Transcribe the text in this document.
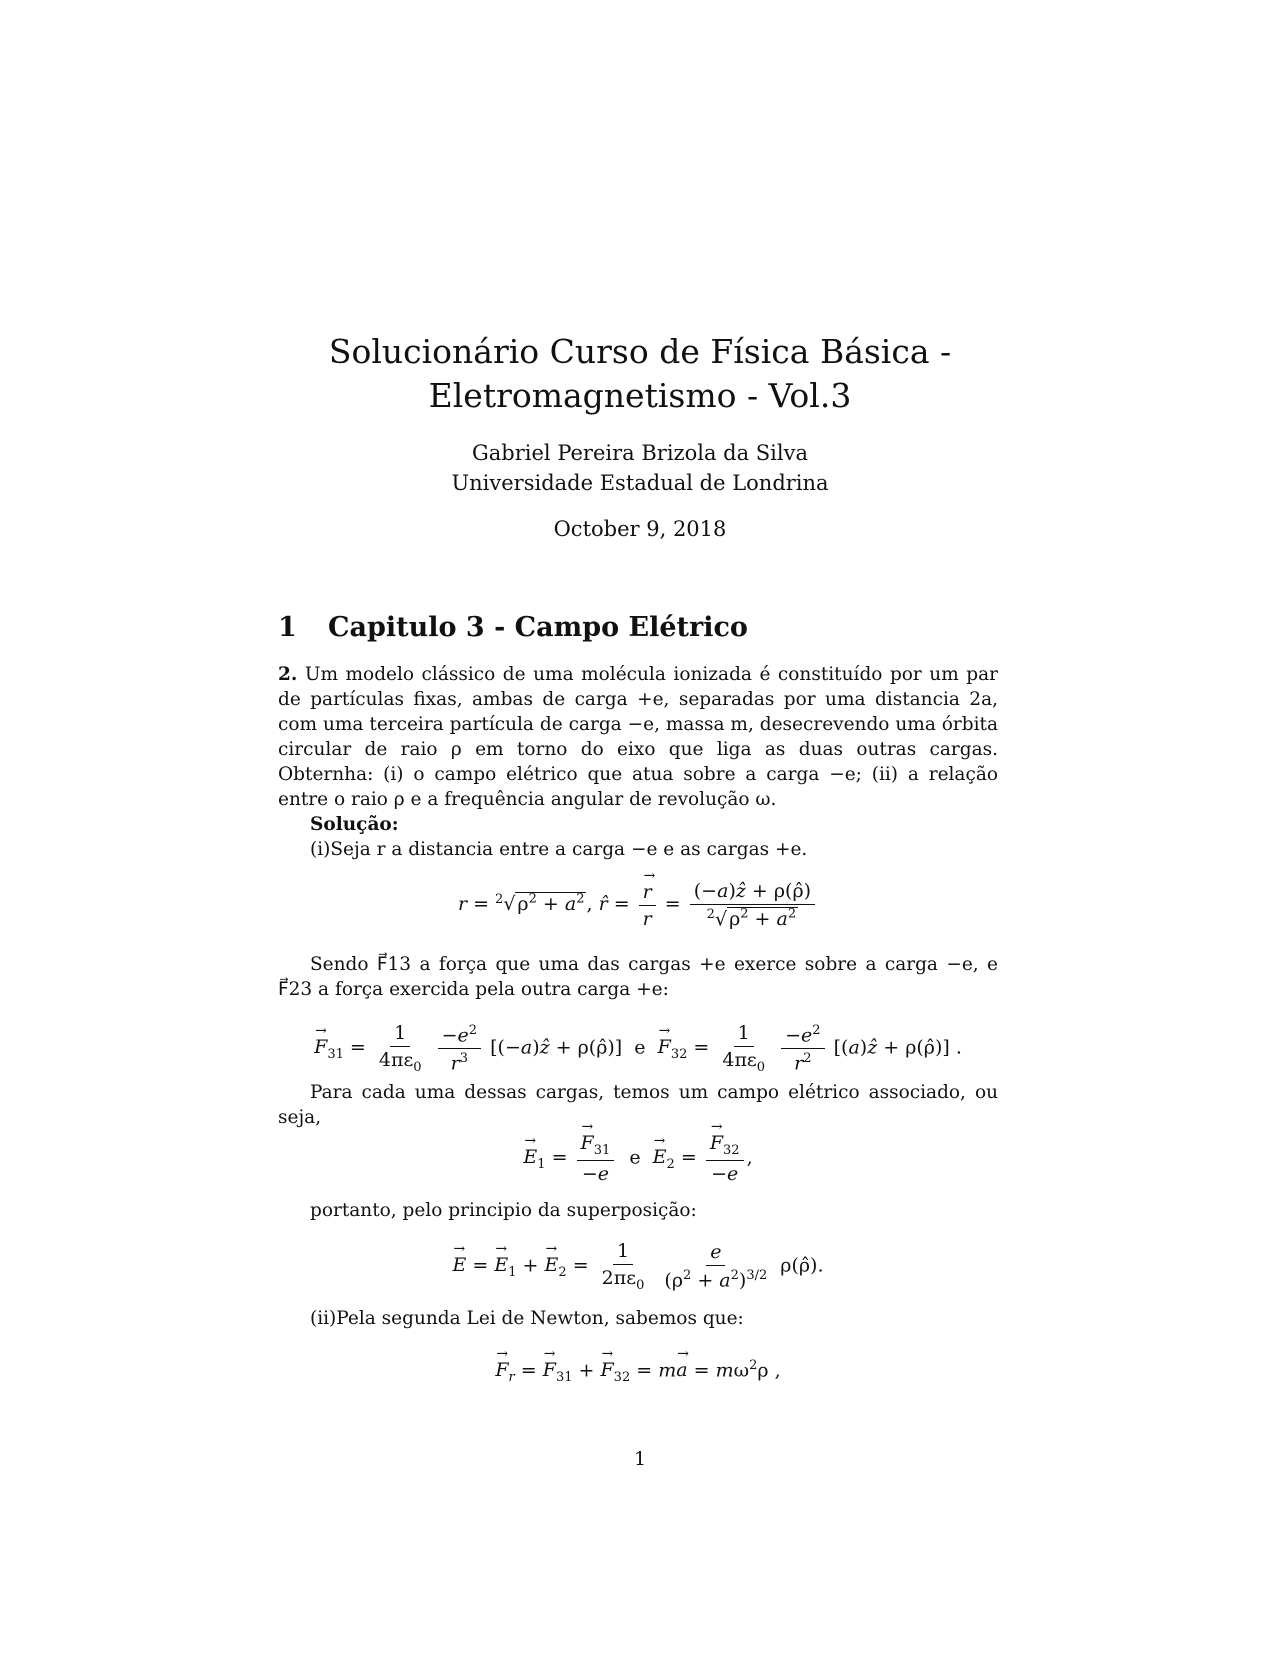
Solucionário Curso de Física Básica -
Eletromagnetismo - Vol.3
Gabriel Pereira Brizola da Silva
Universidade Estadual de Londrina
October 9, 2018
1 Capitulo 3 - Campo Elétrico
2. Um modelo clássico de uma molécula ionizada é constituído por um par de partículas fixas, ambas de carga +e, separadas por uma distancia 2a, com uma terceira partícula de carga −e, massa m, desecrevendo uma órbita circular de raio ρ em torno do eixo que liga as duas outras cargas. Obternha: (i) o campo elétrico que atua sobre a carga −e; (ii) a relação entre o raio ρ e a frequência angular de revolução ω.
Solução:
(i)Seja r a distancia entre a carga −e e as cargas +e.
r = $^2$√ $\rho^2 + a^2$ , r̂ = → $\frac{r}{r} = \frac{\text{(−a)ẑ + ρ(ρ̂)}}{^2√ \rho^2 + a^2}$
Sendo F⃗13 a força que uma das cargas +e exerce sobre a carga −e, e F⃗23 a força exercida pela outra carga +e:
→ $F_{31} = \frac{1}{4\pi\varepsilon_0}$
$\frac{-e^2}{r^3}$ [(−a)ẑ + ρ(ρ̂)]  $e \to F_{32} = \frac{1}{4\pi\varepsilon_0}$
$\frac{-e^2}{r^2}$ [(a)ẑ + ρ(ρ̂)] .
Para cada uma dessas cargas, temos um campo elétrico associado, ou seja,
→ $E_1$ = → $\frac{F_{31}}{-e}$ $e \to E_2$ = → $\frac{F_{32}}{-e}$ ,
portanto, pelo principio da superposição:
→ E = → $E_1$ + → $E_2 = \frac{1}{2\pi\varepsilon_0}$
$\frac{e}{(\rho^2 + a^2)^{3/2}}$ ρ(ρ̂).
(ii)Pela segunda Lei de Newton, sabemos que:
→ $F_r$ = → $F_{31}$ + → $F_{32} = m\to a = m\omega^2\rho$ ,
1
